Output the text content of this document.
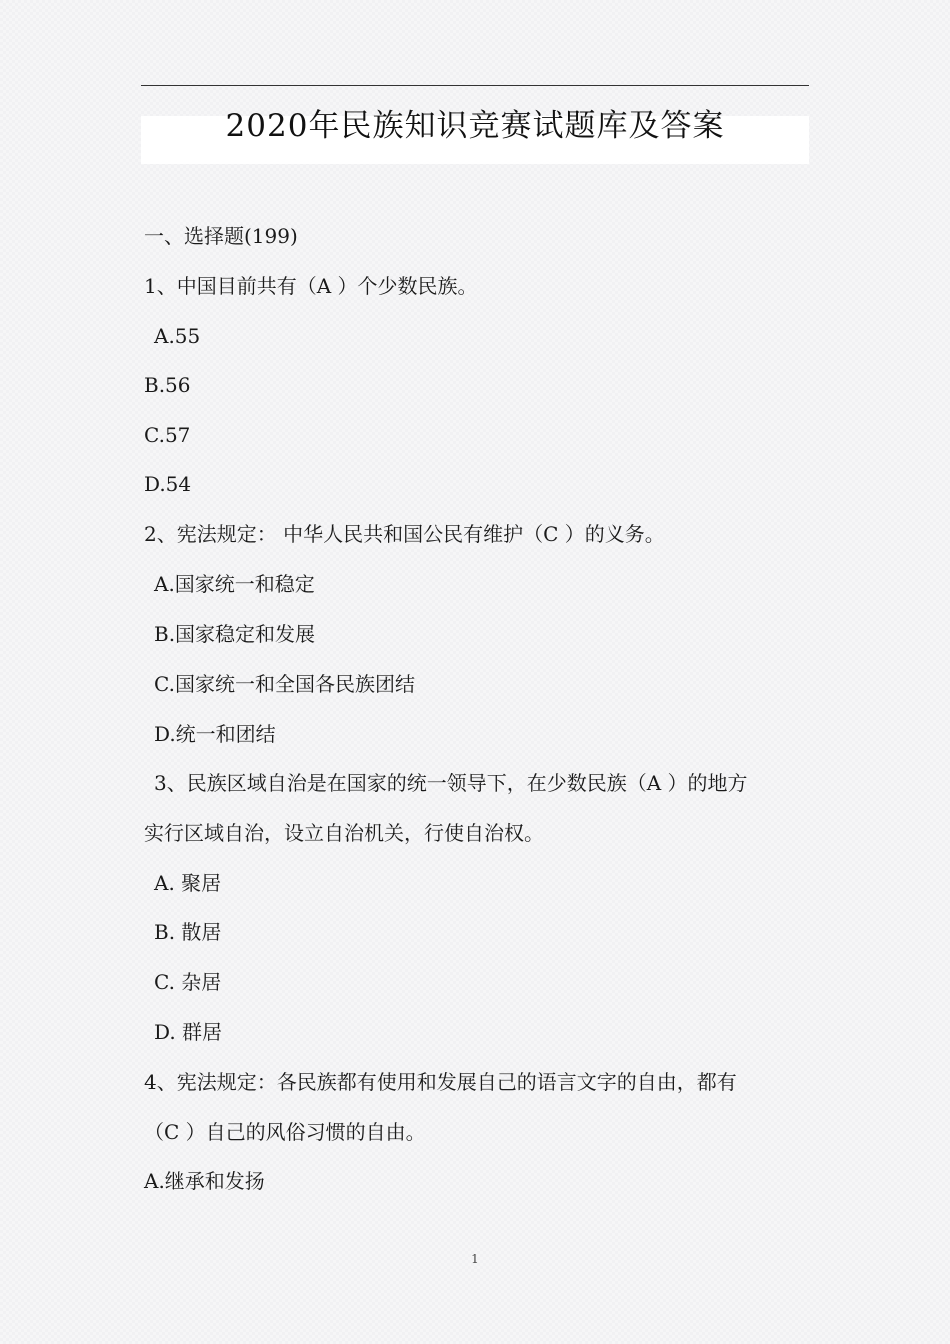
2020年民族知识竞赛试题库及答案
一、选择题(199)
1、中国目前共有（A ）个少数民族。
A.55
B.56
C.57
D.54
2、宪法规定： 中华人民共和国公民有维护（C ）的义务。
A.国家统一和稳定
B.国家稳定和发展
C.国家统一和全国各民族团结
D.统一和团结
3、民族区域自治是在国家的统一领导下，在少数民族（A ）的地方
实行区域自治，设立自治机关，行使自治权。
A. 聚居
B. 散居
C. 杂居
D. 群居
4、宪法规定：各民族都有使用和发展自己的语言文字的自由，都有
（C ）自己的风俗习惯的自由。
A.继承和发扬
1
